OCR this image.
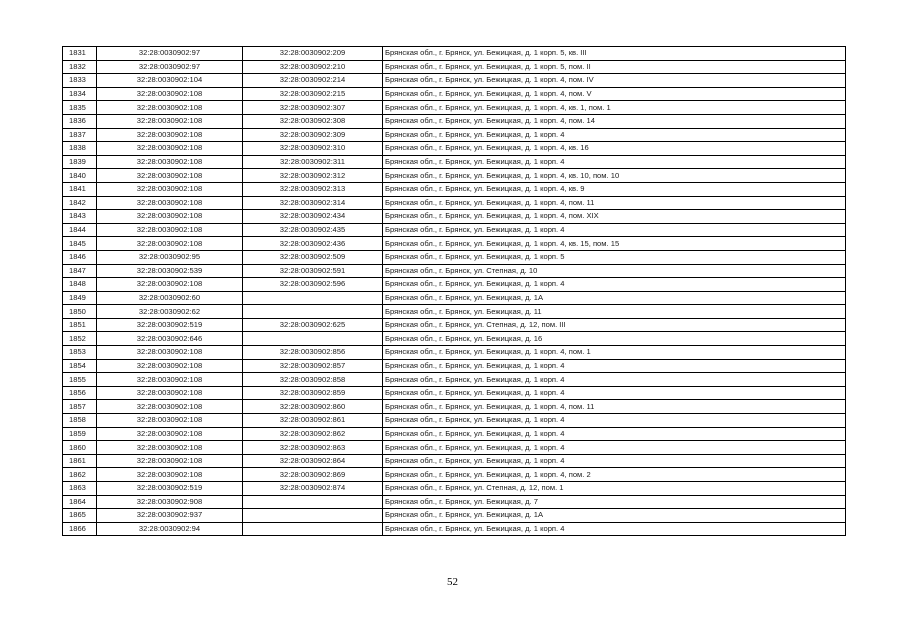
1831	32:28:0030902:97	32:28:0030902:209	Брянская обл., г. Брянск, ул. Бежицкая, д. 1 корп. 5, кв. III
1832	32:28:0030902:97	32:28:0030902:210	Брянская обл., г. Брянск, ул. Бежицкая, д. 1 корп. 5, пом. II
1833	32:28:0030902:104	32:28:0030902:214	Брянская обл., г. Брянск, ул. Бежицкая, д. 1 корп. 4, пом. IV
1834	32:28:0030902:108	32:28:0030902:215	Брянская обл., г. Брянск, ул. Бежицкая, д. 1 корп. 4, пом. V
1835	32:28:0030902:108	32:28:0030902:307	Брянская обл., г. Брянск, ул. Бежицкая, д. 1 корп. 4, кв. 1, пом. 1
1836	32:28:0030902:108	32:28:0030902:308	Брянская обл., г. Брянск, ул. Бежицкая, д. 1 корп. 4, пом. 14
1837	32:28:0030902:108	32:28:0030902:309	Брянская обл., г. Брянск, ул. Бежицкая, д. 1 корп. 4
1838	32:28:0030902:108	32:28:0030902:310	Брянская обл., г. Брянск, ул. Бежицкая, д. 1 корп. 4, кв. 16
1839	32:28:0030902:108	32:28:0030902:311	Брянская обл., г. Брянск, ул. Бежицкая, д. 1 корп. 4
1840	32:28:0030902:108	32:28:0030902:312	Брянская обл., г. Брянск, ул. Бежицкая, д. 1 корп. 4, кв. 10, пом. 10
1841	32:28:0030902:108	32:28:0030902:313	Брянская обл., г. Брянск, ул. Бежицкая, д. 1 корп. 4, кв. 9
1842	32:28:0030902:108	32:28:0030902:314	Брянская обл., г. Брянск, ул. Бежицкая, д. 1 корп. 4, пом. 11
1843	32:28:0030902:108	32:28:0030902:434	Брянская обл., г. Брянск, ул. Бежицкая, д. 1 корп. 4, пом. XIX
1844	32:28:0030902:108	32:28:0030902:435	Брянская обл., г. Брянск, ул. Бежицкая, д. 1 корп. 4
1845	32:28:0030902:108	32:28:0030902:436	Брянская обл., г. Брянск, ул. Бежицкая, д. 1 корп. 4, кв. 15, пом. 15
1846	32:28:0030902:95	32:28:0030902:509	Брянская обл., г. Брянск, ул. Бежицкая, д. 1 корп. 5
1847	32:28:0030902:539	32:28:0030902:591	Брянская обл., г. Брянск, ул. Степная, д. 10
1848	32:28:0030902:108	32:28:0030902:596	Брянская обл., г. Брянск, ул. Бежицкая, д. 1 корп. 4
1849	32:28:0030902:60		Брянская обл., г. Брянск, ул. Бежицкая, д. 1А
1850	32:28:0030902:62		Брянская обл., г. Брянск, ул. Бежицкая, д. 11
1851	32:28:0030902:519	32:28:0030902:625	Брянская обл., г. Брянск, ул. Степная, д. 12, пом. III
1852	32:28:0030902:646		Брянская обл., г. Брянск, ул. Бежицкая, д. 16
1853	32:28:0030902:108	32:28:0030902:856	Брянская обл., г. Брянск, ул. Бежицкая, д. 1 корп. 4, пом. 1
1854	32:28:0030902:108	32:28:0030902:857	Брянская обл., г. Брянск, ул. Бежицкая, д. 1 корп. 4
1855	32:28:0030902:108	32:28:0030902:858	Брянская обл., г. Брянск, ул. Бежицкая, д. 1 корп. 4
1856	32:28:0030902:108	32:28:0030902:859	Брянская обл., г. Брянск, ул. Бежицкая, д. 1 корп. 4
1857	32:28:0030902:108	32:28:0030902:860	Брянская обл., г. Брянск, ул. Бежицкая, д. 1 корп. 4, пом. 11
1858	32:28:0030902:108	32:28:0030902:861	Брянская обл., г. Брянск, ул. Бежицкая, д. 1 корп. 4
1859	32:28:0030902:108	32:28:0030902:862	Брянская обл., г. Брянск, ул. Бежицкая, д. 1 корп. 4
1860	32:28:0030902:108	32:28:0030902:863	Брянская обл., г. Брянск, ул. Бежицкая, д. 1 корп. 4
1861	32:28:0030902:108	32:28:0030902:864	Брянская обл., г. Брянск, ул. Бежицкая, д. 1 корп. 4
1862	32:28:0030902:108	32:28:0030902:869	Брянская обл., г. Брянск, ул. Бежицкая, д. 1 корп. 4, пом. 2
1863	32:28:0030902:519	32:28:0030902:874	Брянская обл., г. Брянск, ул. Степная, д. 12, пом. 1
1864	32:28:0030902:908		Брянская обл., г. Брянск, ул. Бежицкая, д. 7
1865	32:28:0030902:937		Брянская обл., г. Брянск, ул. Бежицкая, д. 1А
1866	32:28:0030902:94		Брянская обл., г. Брянск, ул. Бежицкая, д. 1 корп. 4
52
